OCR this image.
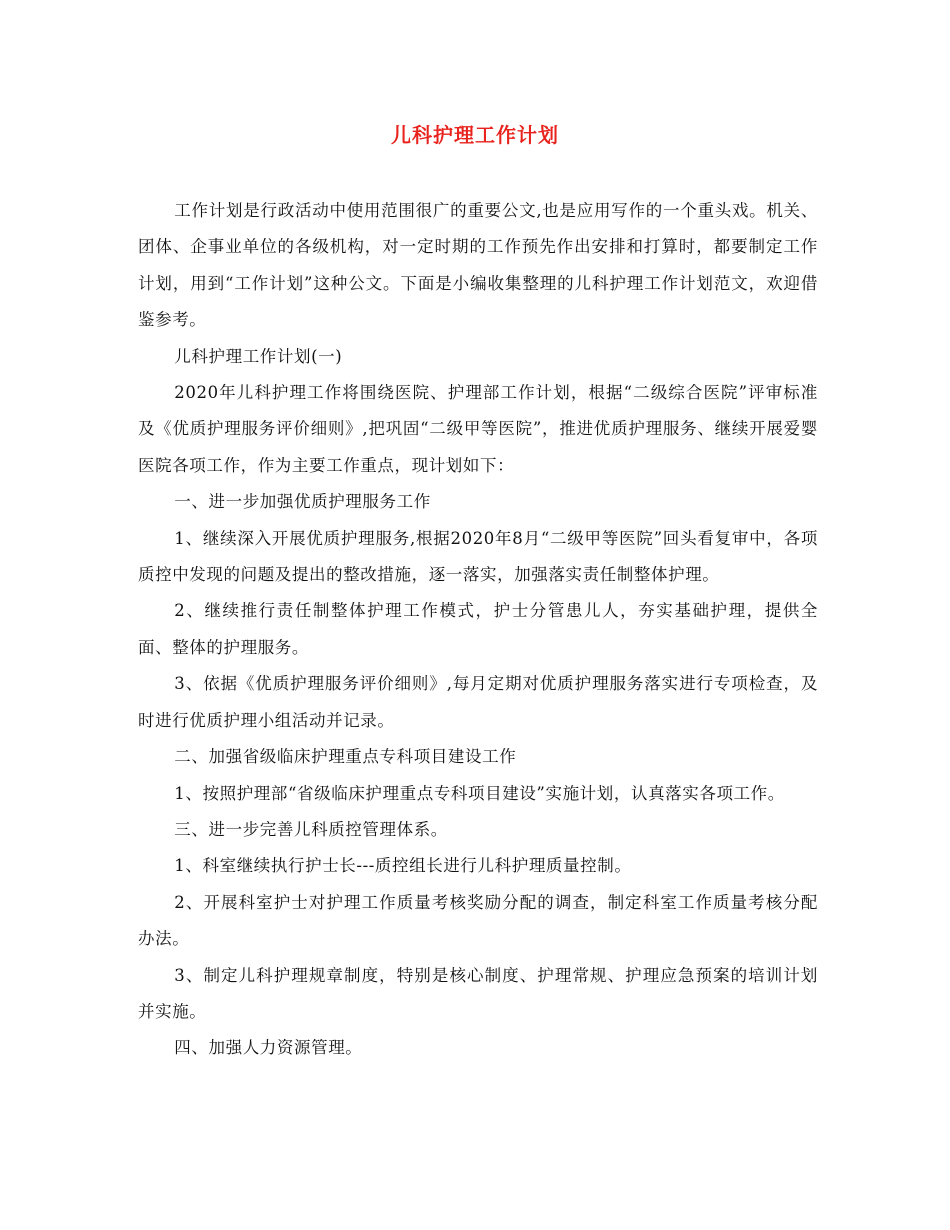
儿科护理工作计划

工作计划是行政活动中使用范围很广的重要公文,也是应用写作的一个重头戏。机关、团体、企事业单位的各级机构，对一定时期的工作预先作出安排和打算时，都要制定工作计划，用到“工作计划”这种公文。下面是小编收集整理的儿科护理工作计划范文，欢迎借鉴参考。

儿科护理工作计划(一)

2020年儿科护理工作将围绕医院、护理部工作计划，根据“二级综合医院”评审标准及《优质护理服务评价细则》,把巩固“二级甲等医院”，推进优质护理服务、继续开展爱婴医院各项工作，作为主要工作重点，现计划如下：

一、进一步加强优质护理服务工作

1、继续深入开展优质护理服务,根据2020年8月“二级甲等医院”回头看复审中，各项质控中发现的问题及提出的整改措施，逐一落实，加强落实责任制整体护理。

2、继续推行责任制整体护理工作模式，护士分管患儿人，夯实基础护理，提供全面、整体的护理服务。

3、依据《优质护理服务评价细则》,每月定期对优质护理服务落实进行专项检查，及时进行优质护理小组活动并记录。

二、加强省级临床护理重点专科项目建设工作

1、按照护理部“省级临床护理重点专科项目建设”实施计划，认真落实各项工作。

三、进一步完善儿科质控管理体系。

1、科室继续执行护士长---质控组长进行儿科护理质量控制。

2、开展科室护士对护理工作质量考核奖励分配的调查，制定科室工作质量考核分配办法。

3、制定儿科护理规章制度，特别是核心制度、护理常规、护理应急预案的培训计划并实施。

四、加强人力资源管理。
